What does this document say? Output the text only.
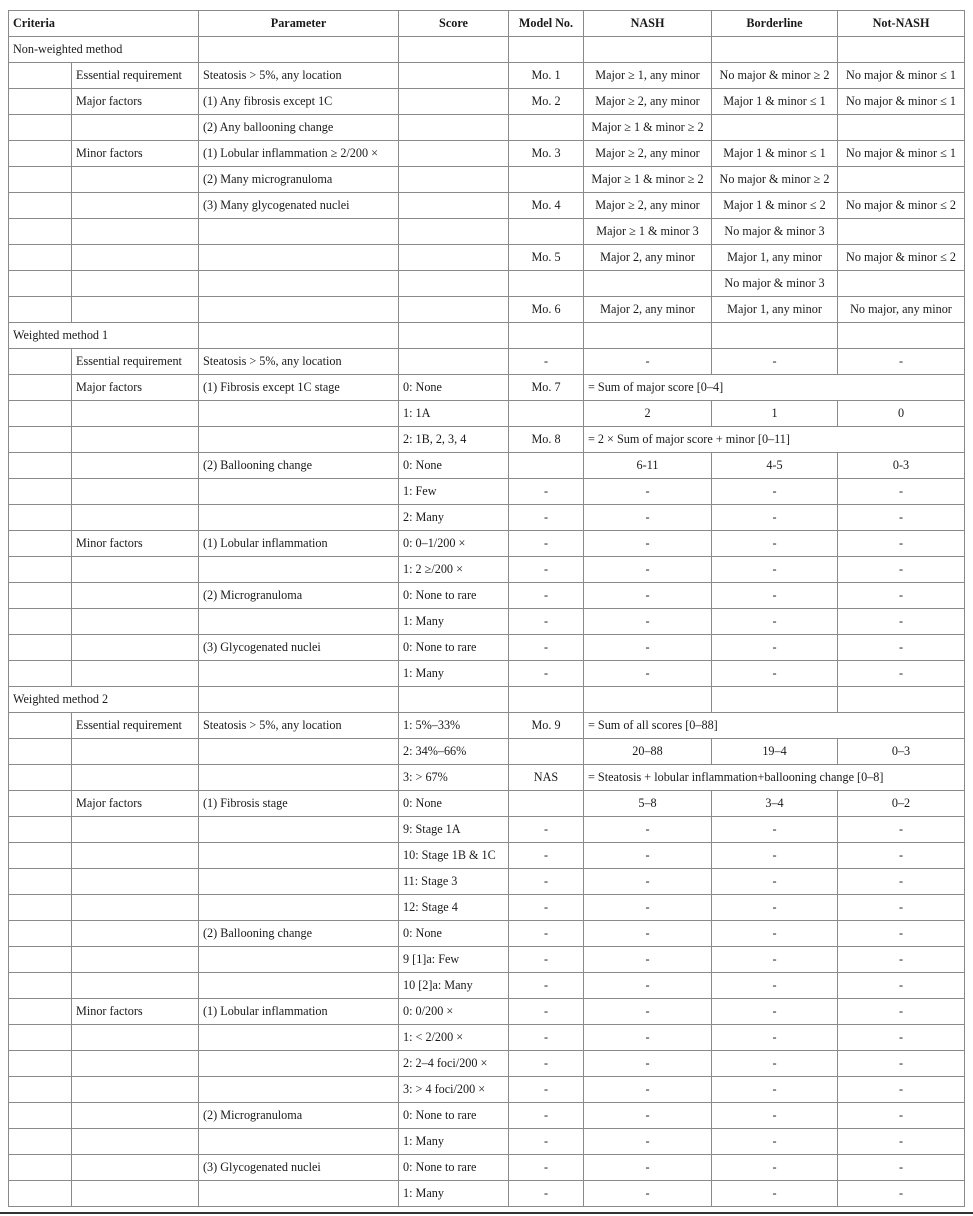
Criteria		Parameter	Score	Model No.	NASH	Borderline	Not-NASH
Non-weighted method							
	Essential requirement	Steatosis > 5%, any location		Mo. 1	Major ≥ 1, any minor	No major & minor ≥ 2	No major & minor ≤ 1
	Major factors	(1) Any fibrosis except 1C		Mo. 2	Major ≥ 2, any minor	Major 1 & minor ≤ 1	No major & minor ≤ 1
		(2) Any ballooning change			Major ≥ 1 & minor ≥ 2		
	Minor factors	(1) Lobular inflammation ≥ 2/200 ×		Mo. 3	Major ≥ 2, any minor	Major 1 & minor ≤ 1	No major & minor ≤ 1
		(2) Many microgranuloma			Major ≥ 1 & minor ≥ 2	No major & minor ≥ 2	
		(3) Many glycogenated nuclei		Mo. 4	Major ≥ 2, any minor	Major 1 & minor ≤ 2	No major & minor ≤ 2
					Major ≥ 1 & minor 3	No major & minor 3	
				Mo. 5	Major 2, any minor	Major 1, any minor	No major & minor ≤ 2
						No major & minor 3	
				Mo. 6	Major 2, any minor	Major 1, any minor	No major, any minor
Weighted method 1							
	Essential requirement	Steatosis > 5%, any location		-	-	-	-
	Major factors	(1) Fibrosis except 1C stage	0: None	Mo. 7	= Sum of major score [0–4]		
			1: 1A		2	1	0
			2: 1B, 2, 3, 4	Mo. 8	= 2 × Sum of major score + minor [0–11]		
		(2) Ballooning change	0: None		6-11	4-5	0-3
			1: Few	-	-	-	-
			2: Many	-	-	-	-
	Minor factors	(1) Lobular inflammation	0: 0–1/200 ×	-	-	-	-
			1: 2 ≥/200 ×	-	-	-	-
		(2) Microgranuloma	0: None to rare	-	-	-	-
			1: Many	-	-	-	-
		(3) Glycogenated nuclei	0: None to rare	-	-	-	-
			1: Many	-	-	-	-
Weighted method 2							
	Essential requirement	Steatosis > 5%, any location	1: 5%–33%	Mo. 9	= Sum of all scores [0–88]		
			2: 34%–66%		20–88	19–4	0–3
			3: > 67%	NAS	= Steatosis + lobular inflammation+ballooning change [0–8]		
	Major factors	(1) Fibrosis stage	0: None		5–8	3–4	0–2
			9: Stage 1A	-	-	-	-
			10: Stage 1B & 1C	-	-	-	-
			11: Stage 3	-	-	-	-
			12: Stage 4	-	-	-	-
		(2) Ballooning change	0: None	-	-	-	-
			9 [1]a: Few	-	-	-	-
			10 [2]a: Many	-	-	-	-
	Minor factors	(1) Lobular inflammation	0: 0/200 ×	-	-	-	-
			1: < 2/200 ×	-	-	-	-
			2: 2–4 foci/200 ×	-	-	-	-
			3: > 4 foci/200 ×	-	-	-	-
		(2) Microgranuloma	0: None to rare	-	-	-	-
			1: Many	-	-	-	-
		(3) Glycogenated nuclei	0: None to rare	-	-	-	-
			1: Many	-	-	-	-
